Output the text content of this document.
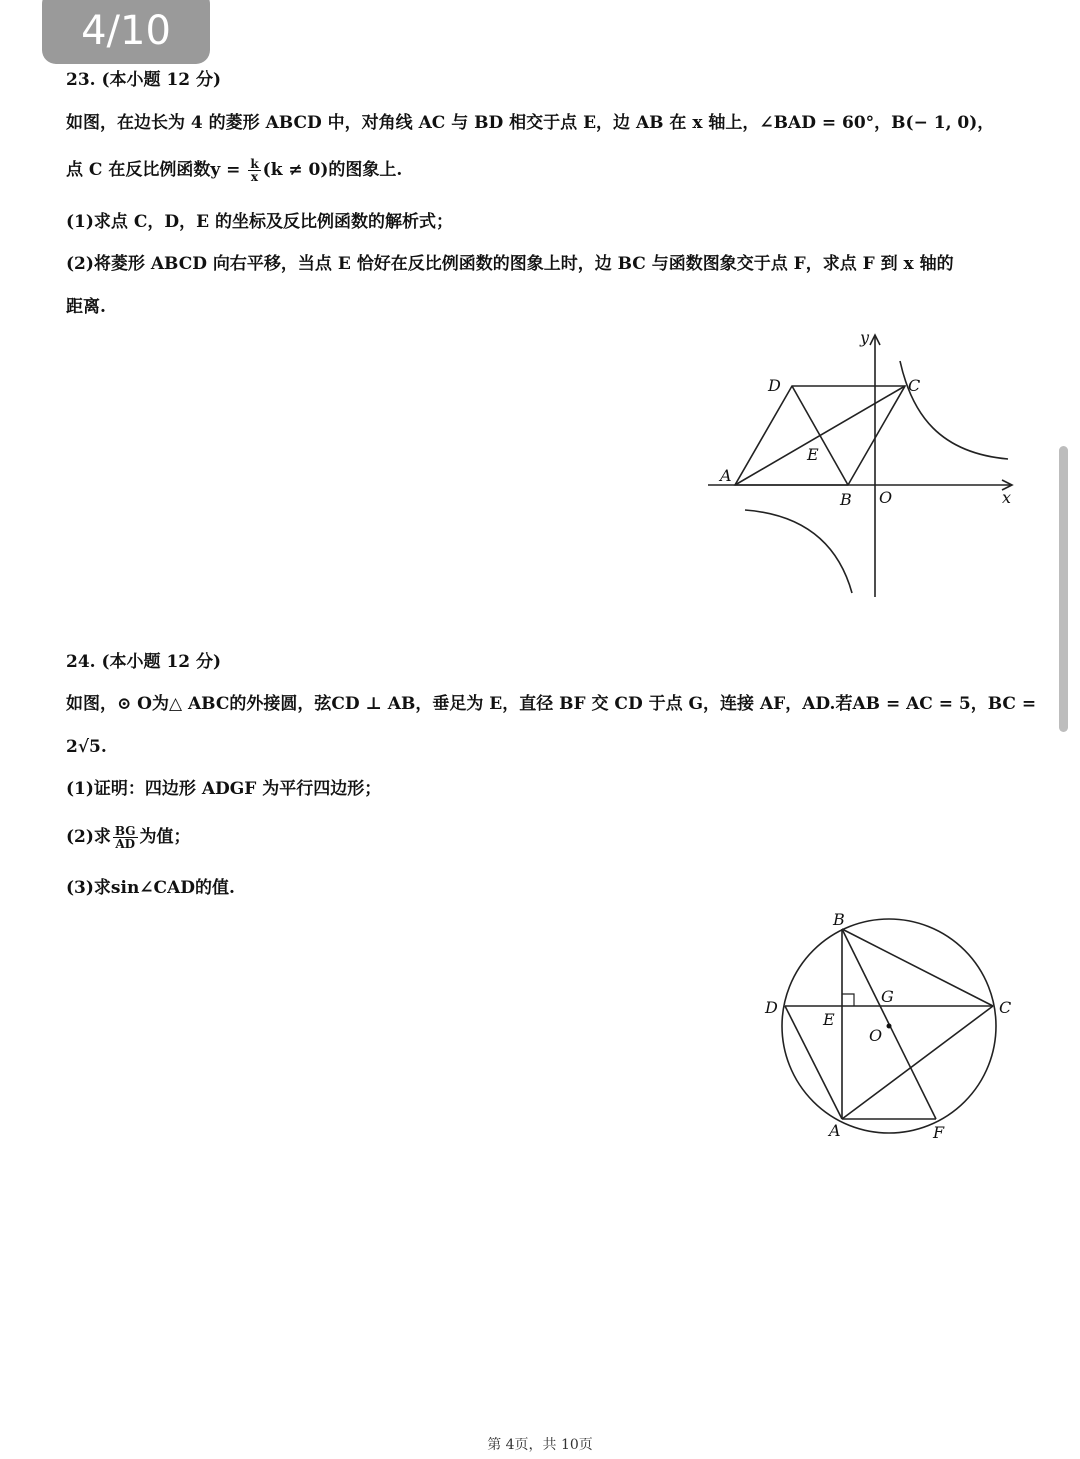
4/10
23. (本小题 12 分)
如图，在边长为 4 的菱形 ABCD 中，对角线 AC 与 BD 相交于点 E，边 AB 在 x 轴上，∠BAD = 60°，B(− 1, 0)，
点 C 在反比例函数$y = \frac{k}{x} (k \ne 0)$的图象上.
(1)求点 C，D，E 的坐标及反比例函数的解析式；
(2)将菱形 ABCD 向右平移，当点 E 恰好在反比例函数的图象上时，边 BC 与函数图象交于点 F，求点 F 到 x 轴的
距离.
y
x
A
B
C
D
E
O
24. (本小题 12 分)
如图，⊙ O为△ ABC的外接圆，弦CD ⊥ AB，垂足为 E，直径 BF 交 CD 于点 G，连接 AF，AD.若AB = AC = 5，BC =
2√5.
(1)证明：四边形 ADGF 为平行四边形；
(2)求 $\frac{BG}{AD}$ 为值；
(3)求sin∠CAD的值.
B
D	C
E
G
O
A	F
第 4页，共 10页
